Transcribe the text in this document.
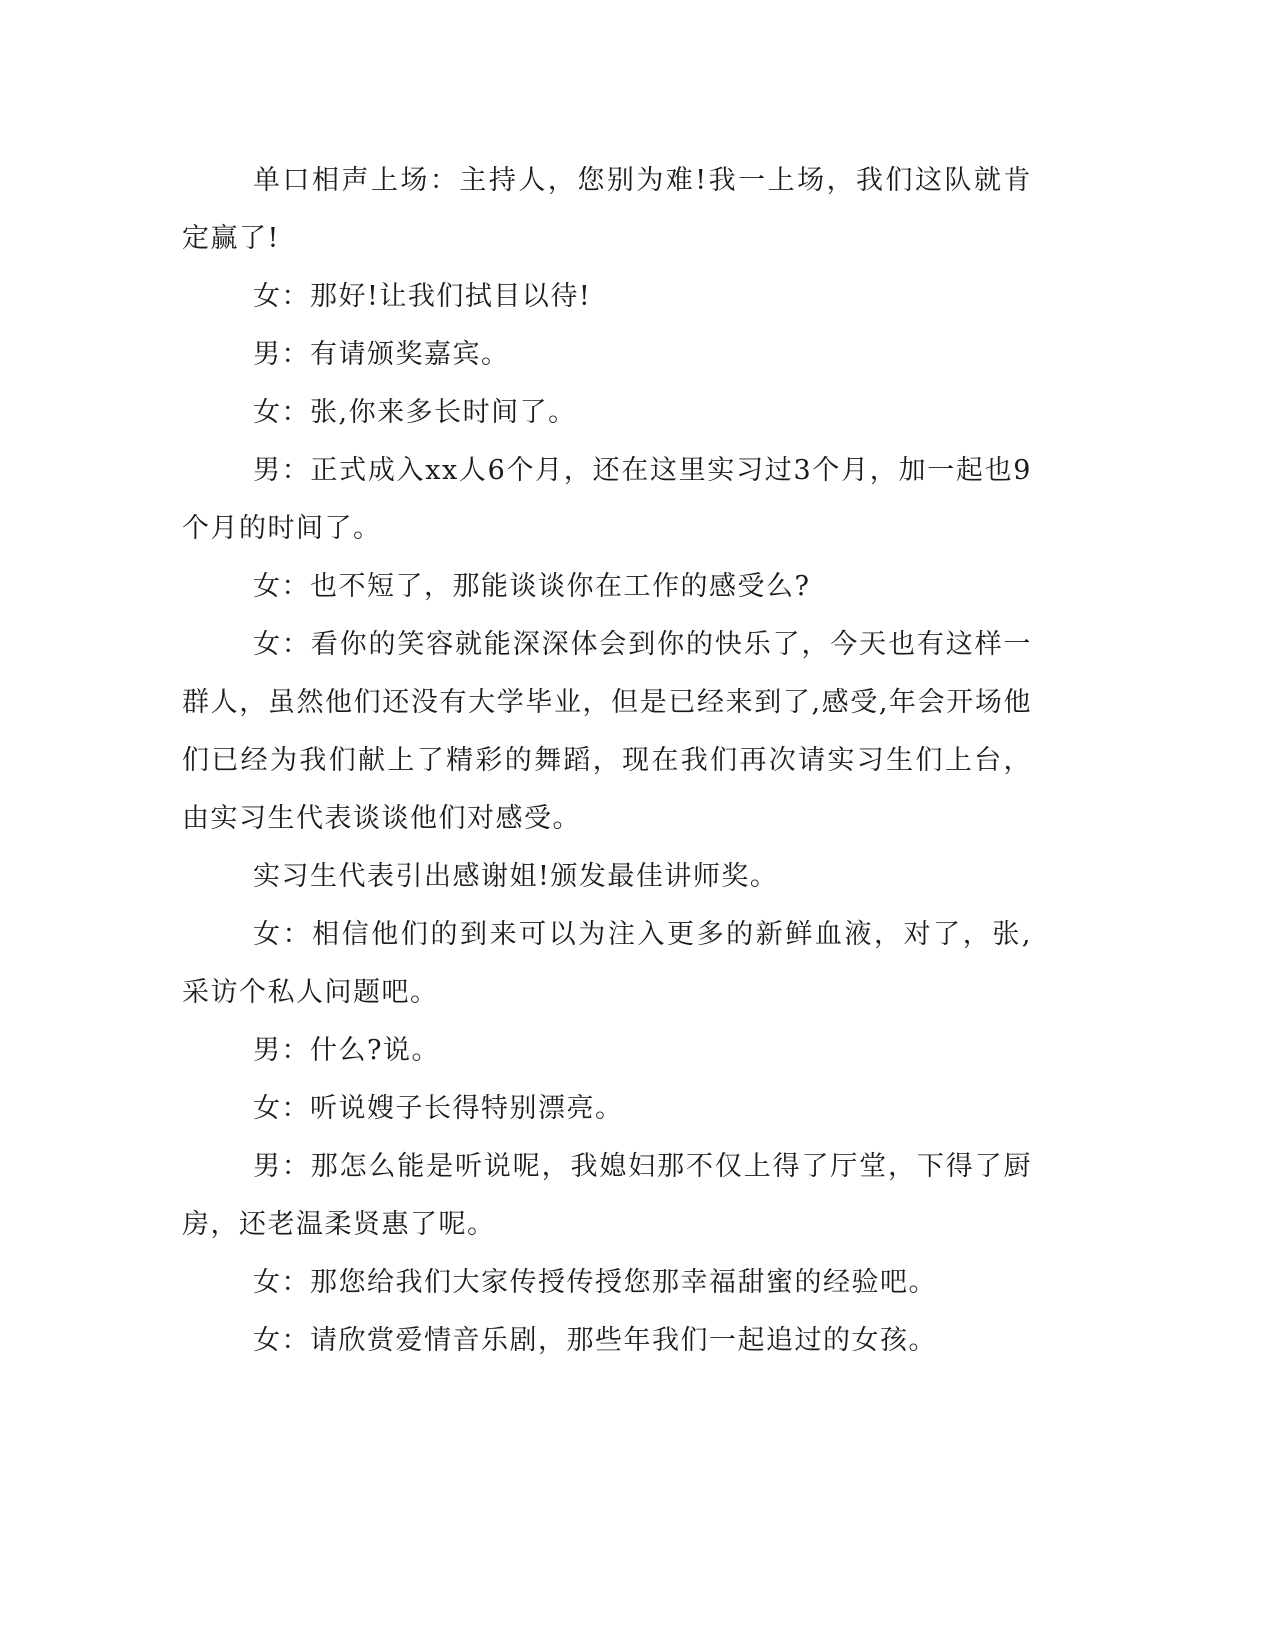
单口相声上场：主持人，您别为难!我一上场，我们这队就肯定赢了!

女：那好!让我们拭目以待!

男：有请颁奖嘉宾。

女：张,你来多长时间了。

男：正式成入xx人6个月，还在这里实习过3个月，加一起也9个月的时间了。

女：也不短了，那能谈谈你在工作的感受么?

女：看你的笑容就能深深体会到你的快乐了，今天也有这样一群人，虽然他们还没有大学毕业，但是已经来到了,感受,年会开场他们已经为我们献上了精彩的舞蹈，现在我们再次请实习生们上台，由实习生代表谈谈他们对感受。

实习生代表引出感谢姐!颁发最佳讲师奖。

女：相信他们的到来可以为注入更多的新鲜血液，对了，张,采访个私人问题吧。

男：什么?说。

女：听说嫂子长得特别漂亮。

男：那怎么能是听说呢，我媳妇那不仅上得了厅堂，下得了厨房，还老温柔贤惠了呢。

女：那您给我们大家传授传授您那幸福甜蜜的经验吧。

女：请欣赏爱情音乐剧，那些年我们一起追过的女孩。
